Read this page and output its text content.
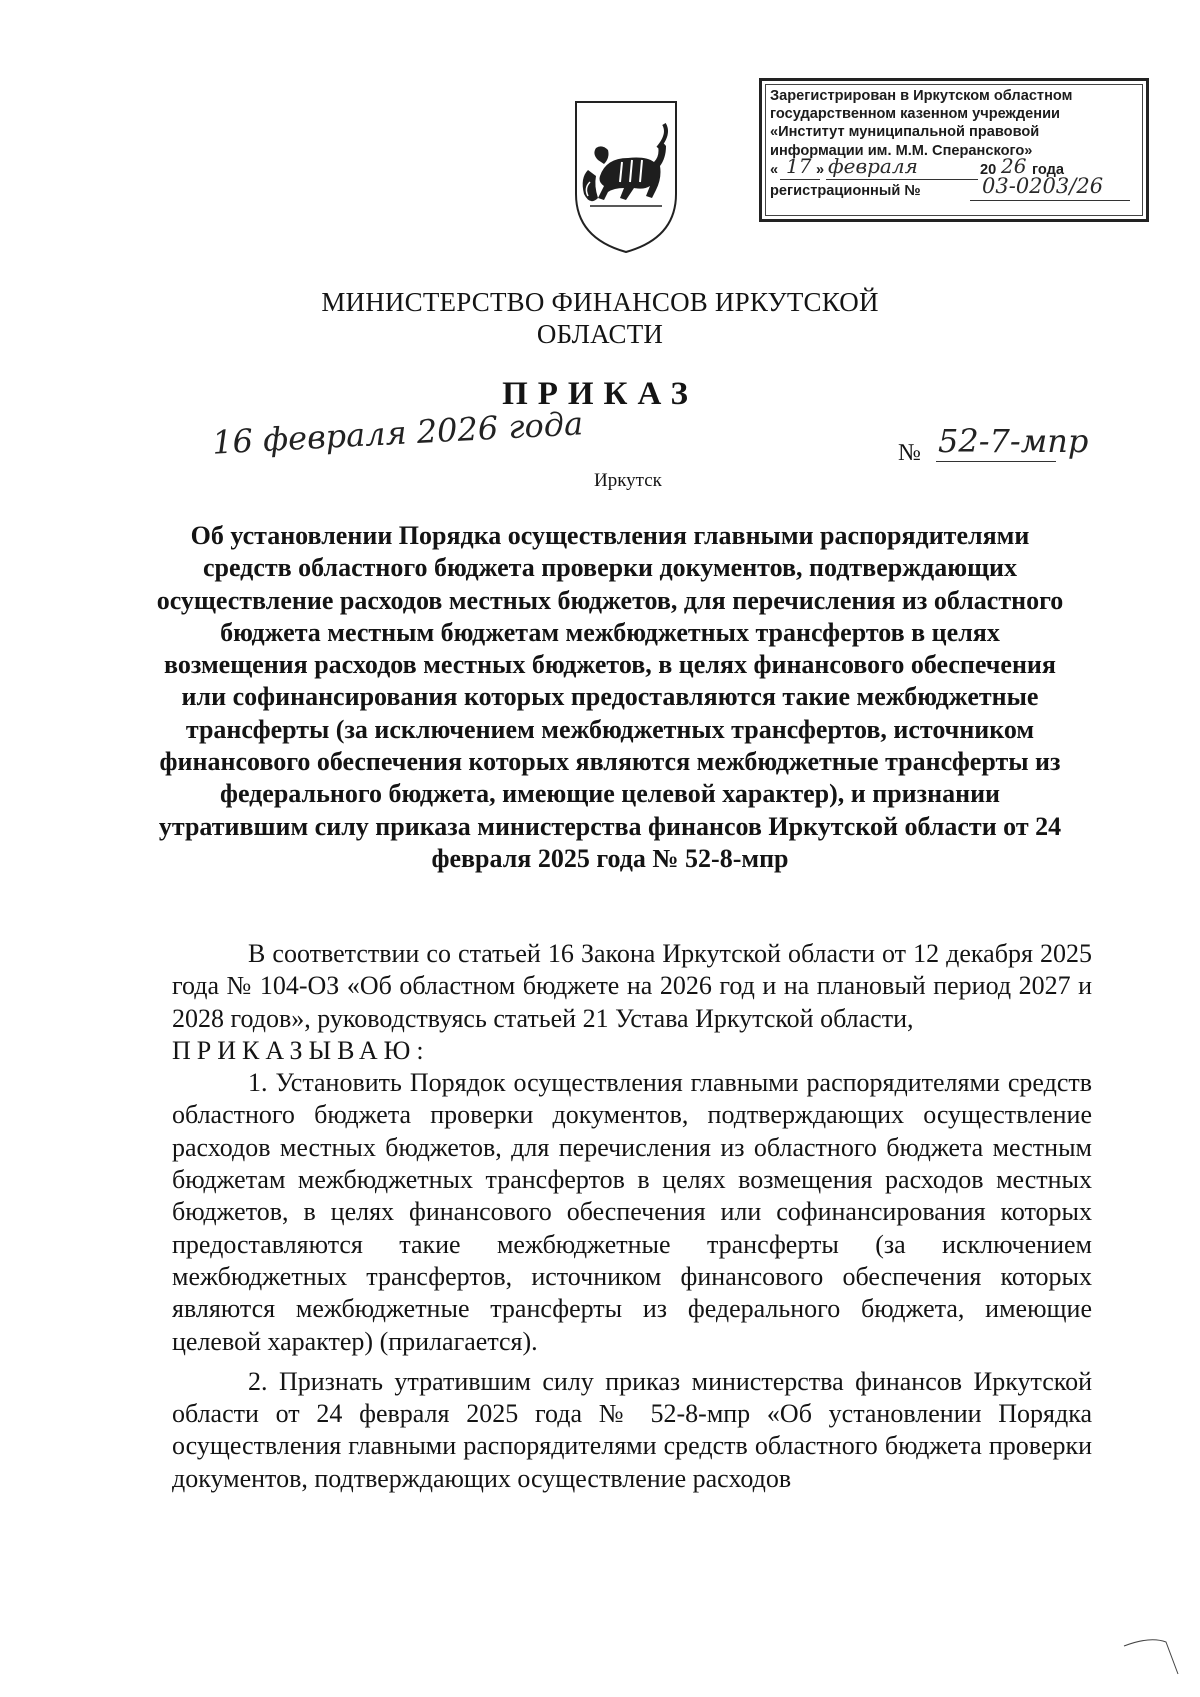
Зарегистрирован в Иркутском областном
государственном казенном учреждении
«Институт муниципальной правовой
информации им. М.М. Сперанского»
« 17 » февраля	20 26 года
регистрационный №	03-0203/26
МИНИСТЕРСТВО ФИНАНСОВ ИРКУТСКОЙ ОБЛАСТИ
ПРИКАЗ
16 февраля 2026 года	№ 52-7-мпр
Иркутск
Об установлении Порядка осуществления главными распорядителями средств областного бюджета проверки документов, подтверждающих осуществление расходов местных бюджетов, для перечисления из областного бюджета местным бюджетам межбюджетных трансфертов в целях возмещения расходов местных бюджетов, в целях финансового обеспечения или софинансирования которых предоставляются такие межбюджетные трансферты (за исключением межбюджетных трансфертов, источником финансового обеспечения которых являются межбюджетные трансферты из федерального бюджета, имеющие целевой характер), и признании утратившим силу приказа министерства финансов Иркутской области от 24 февраля 2025 года № 52-8-мпр

В соответствии со статьей 16 Закона Иркутской области от 12 декабря 2025 года № 104-ОЗ «Об областном бюджете на 2026 год и на плановый период 2027 и 2028 годов», руководствуясь статьей 21 Устава Иркутской области,

ПРИКАЗЫВАЮ:

1. Установить Порядок осуществления главными распорядителями средств областного бюджета проверки документов, подтверждающих осуществление расходов местных бюджетов, для перечисления из областного бюджета местным бюджетам межбюджетных трансфертов в целях возмещения расходов местных бюджетов, в целях финансового обеспечения или софинансирования которых предоставляются такие межбюджетные трансферты (за исключением межбюджетных трансфертов, источником финансового обеспечения которых являются межбюджетные трансферты из федерального бюджета, имеющие целевой характер) (прилагается).

2. Признать утратившим силу приказ министерства финансов Иркутской области от 24 февраля 2025 года № 52-8-мпр «Об установлении Порядка осуществления главными распорядителями средств областного бюджета проверки документов, подтверждающих осуществление расходов
